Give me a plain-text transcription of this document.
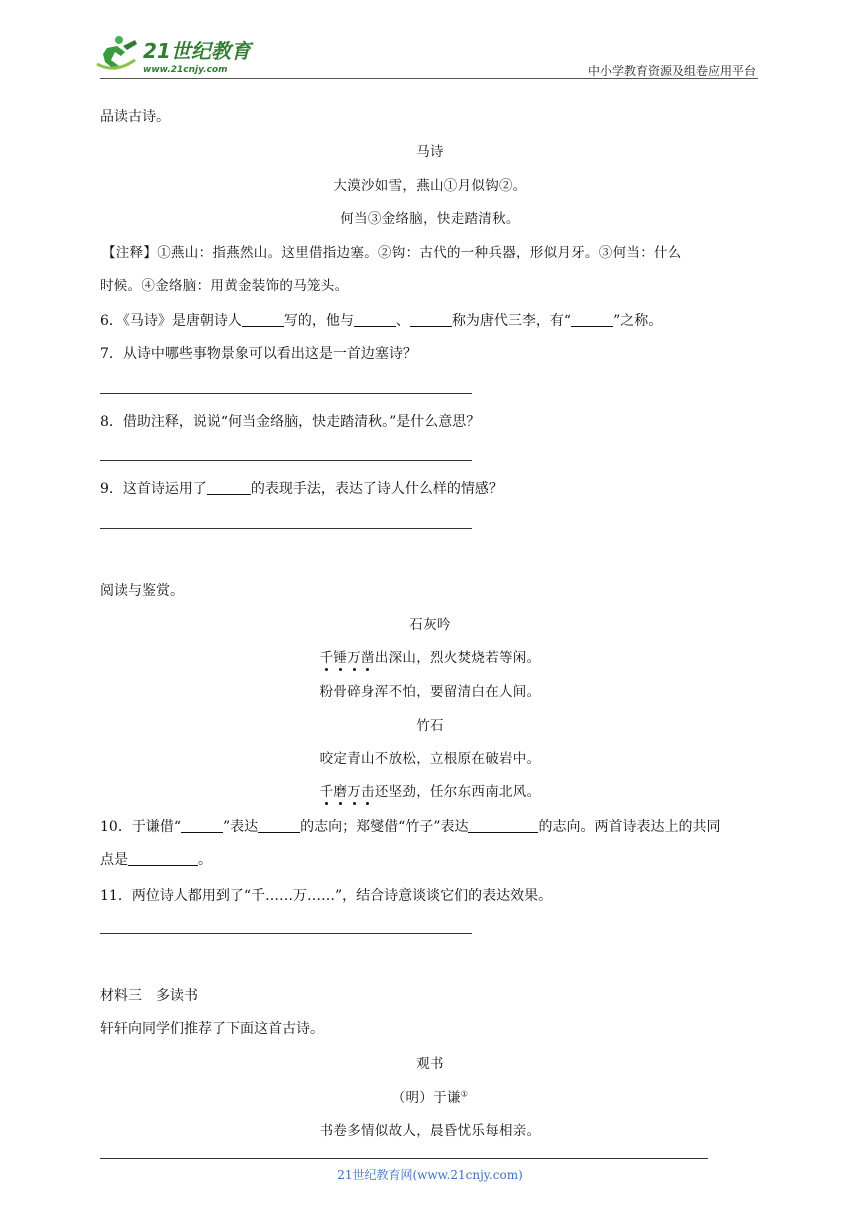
21世纪教育
www.21cnjy.com	中小学教育资源及组卷应用平台
品读古诗。
马诗
大漠沙如雪，燕山①月似钩②。
何当③金络脑，快走踏清秋。
【注释】①燕山：指燕然山。这里借指边塞。②钩：古代的一种兵器，形似月牙。③何当：什么
时候。④金络脑：用黄金装饰的马笼头。
6．《马诗》是唐朝诗人	写的，他与	、	称为唐代三李，有“	”之称。
7．从诗中哪些事物景象可以看出这是一首边塞诗？
8．借助注释，说说“何当金络脑，快走踏清秋。”是什么意思？
9．这首诗运用了	的表现手法，表达了诗人什么样的情感？
阅读与鉴赏。
石灰吟
千锤万凿出深山，烈火焚烧若等闲。
粉骨碎身浑不怕，要留清白在人间。
竹石
咬定青山不放松，立根原在破岩中。
千磨万击还坚劲，任尔东西南北风。
10．于谦借“	”表达	的志向；郑燮借“竹子”表达	的志向。两首诗表达上的共同
点是	。
11．两位诗人都用到了“千……万……”，结合诗意谈谈它们的表达效果。
材料三　多读书
轩轩向同学们推荐了下面这首古诗。
观书
（明）于谦①
书卷多情似故人，晨昏忧乐每相亲。
21世纪教育网(www.21cnjy.com)
